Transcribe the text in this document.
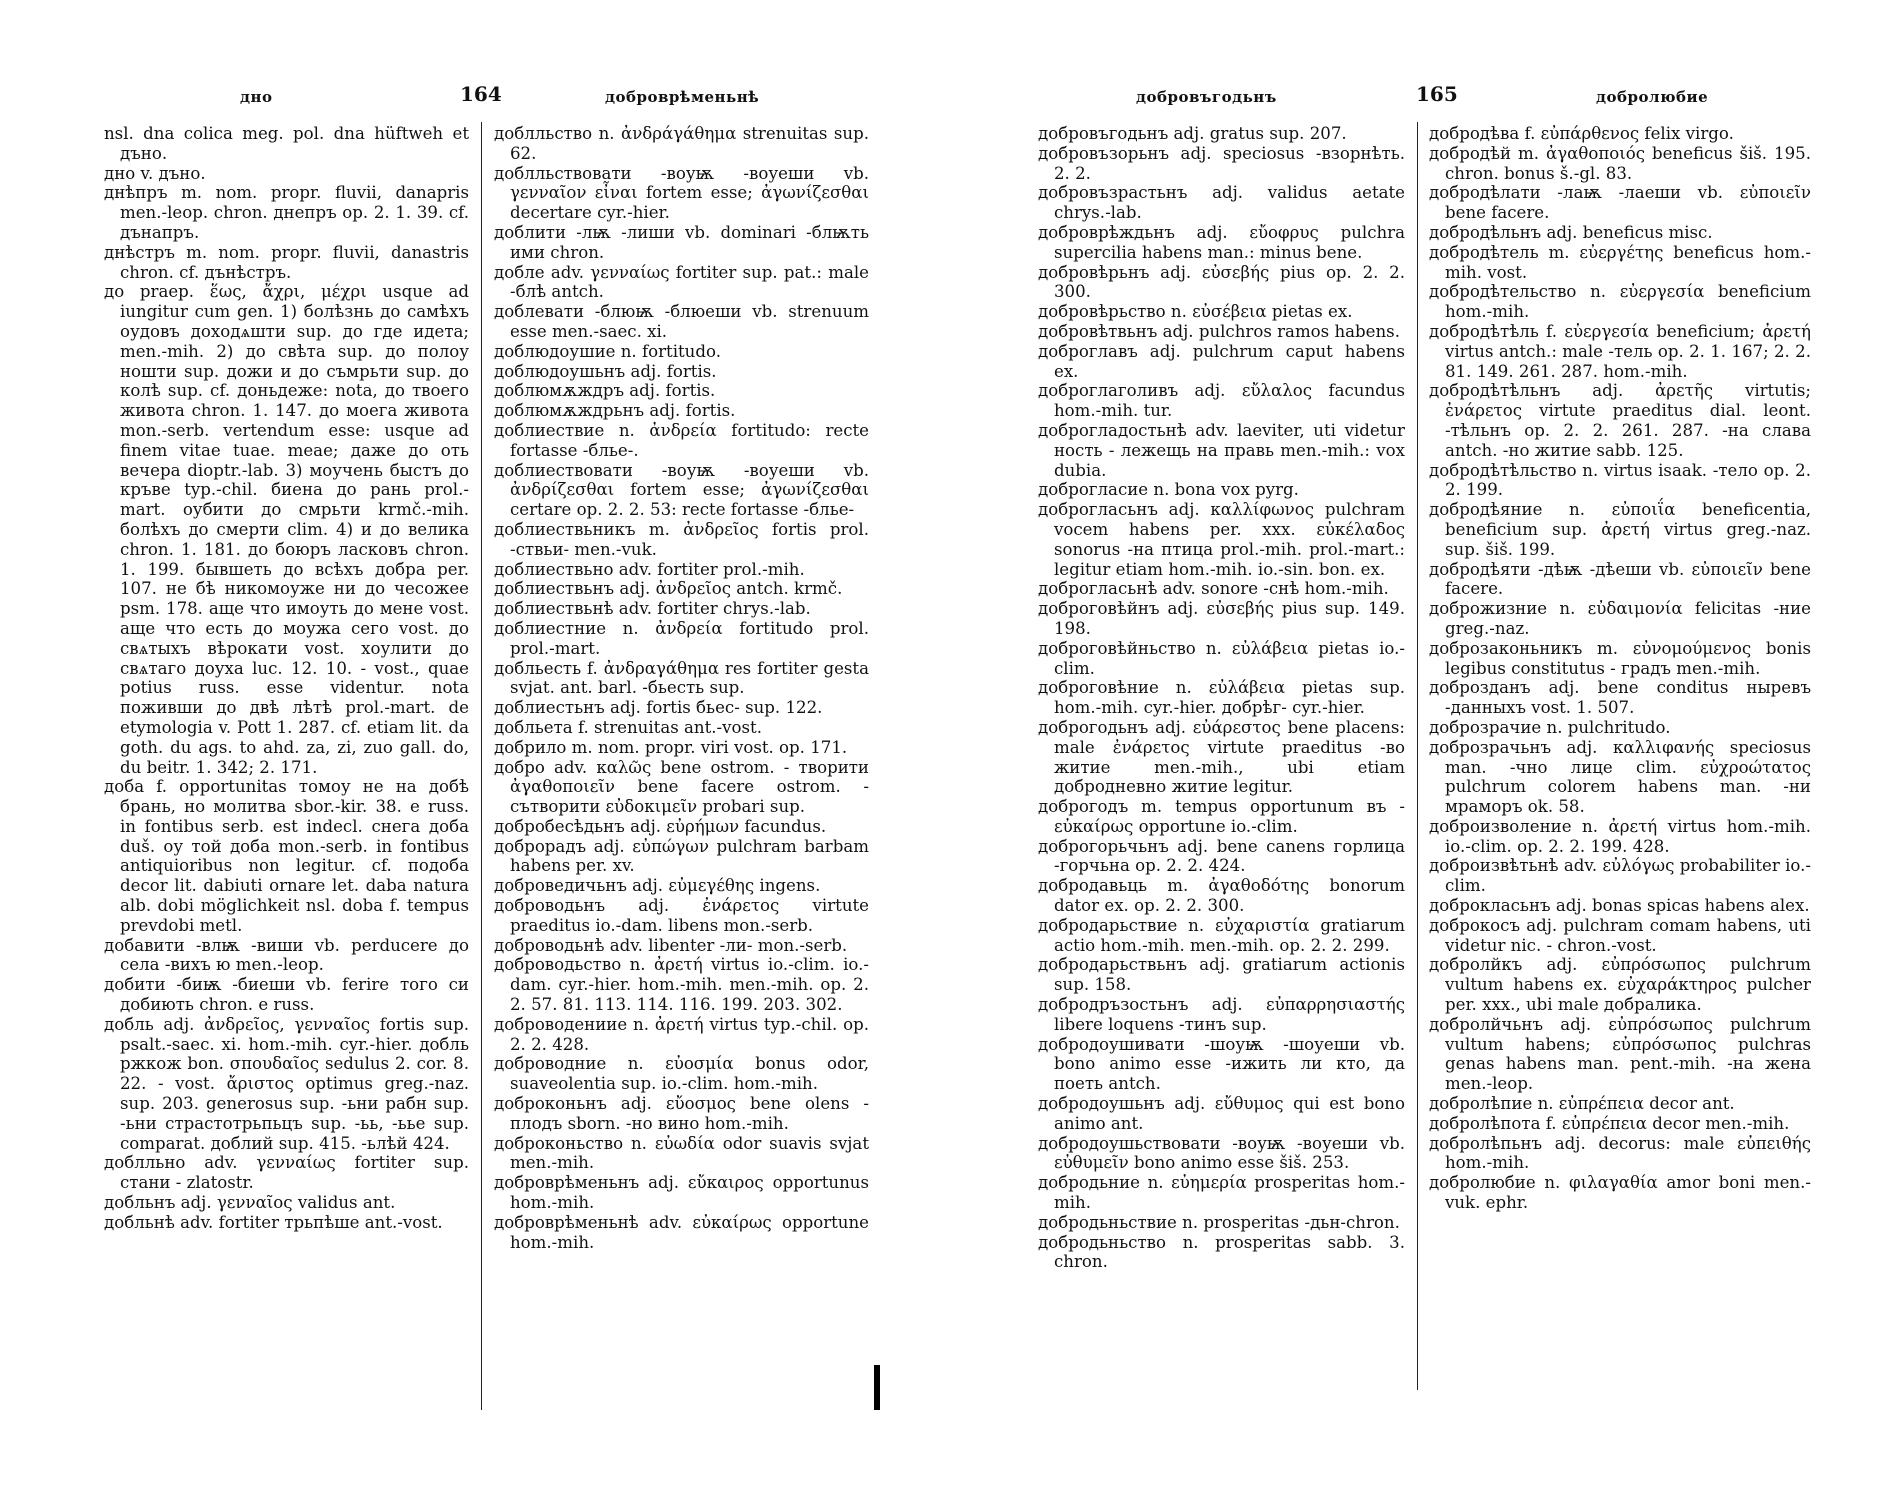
дно	164	доброврѣменьнѣ

nsl. dna colica meg. pol. dna hüftweh et дъно.

дно v. дъно.

днѣпръ m. nom. propr. fluvii, danapris men.-leop. chron. днепръ op. 2. 1. 39. cf. дънапръ.

днѣстръ m. nom. propr. fluvii, danastris chron. cf. дънѣстръ.

до praep. ἕως, ἄχρι, μέχρι usque ad iungitur cum gen. 1) болѣзнь до самѣхъ оудовъ доходѧшти sup. до где идета; men.-mih. 2) до свѣта sup. до полоу ношти sup. дожи и до съмрьти sup. до колѣ sup. cf. доньдеже: nota, до твоего живота chron. 1. 147. до моега живота mon.-serb. vertendum esse: usque ad finem vitae tuae. meae; даже до оть вечера dioptr.-lab. 3) моучень быстъ до кръве typ.-chil. биена до рань prol.-mart. оубити до смрьти krmč.-mih. болѣхъ до смерти clim. 4) и до велика chron. 1. 181. до боюръ ласковъ chron. 1. 199. бывшеть до всѣхъ добра per. 107. не бѣ никомоуже ни до чесожее psm. 178. аще что имоуть до мене vost. аще что есть до моужа сего vost. до свѧтыхъ вѣрокати vost. хоулити до свѧтаго доуха luc. 12. 10. - vost., quae potius russ. esse videntur. nota поживши до двѣ лѣтѣ prol.-mart. de etymologia v. Pott 1. 287. cf. etiam lit. da goth. du ags. to ahd. za, zi, zuo gall. do, du beitr. 1. 342; 2. 171.

доба f. opportunitas томоу не на добѣ брань, но молитва sbor.-kir. 38. e russ. in fontibus serb. est indecl. снега доба duš. оу той доба mon.-serb. in fontibus antiquioribus non legitur. cf. подоба decor lit. dabiuti ornare let. daba natura alb. dobi möglichkeit nsl. doba f. tempus prevdobi metl.

добавити -влѭ -виши vb. perducere до села -вихъ ю men.-leop.

добити -биѭ -биеши vb. ferire того си добиють chron. e russ.

добль adj. ἀνδρεῖος, γενναῖος fortis sup. psalt.-saec. xi. hom.-mih. cyr.-hier. добль ржкож bon. σπουδαῖος sedulus 2. cor. 8. 22. - vost. ἄριστος optimus greg.-naz. sup. 203. generosus sup. -ьни рабн sup. -ьни страстотрьпьцъ sup. -ьь, -ьье sup. comparat. доблий sup. 415. -ьлѣй 424.

доблльно adv. γενναίως fortiter sup. стани - zlatostr.

добльнъ adj. γενναῖος validus ant.

добльнѣ adv. fortiter трьпѣше ant.-vost.

доблльство n. ἀνδράγάθημα strenuitas sup. 62.

доблльствовати -воуѭ -воуеши vb. γενναῖον εἶναι fortem esse; ἀγωνίζεσθαι decertare cyr.-hier.

доблити -лѭ -лиши vb. dominari -блѭть ими chron.

добле adv. γενναίως fortiter sup. pat.: male -блѣ antch.

доблевати -блюѭ -блюеши vb. strenuum esse men.-saec. xi.

доблюдоушие n. fortitudo.

доблюдоушьнъ adj. fortis.

доблюмѫждръ adj. fortis.

доблюмѫждрьнъ adj. fortis.

доблиествие n. ἀνδρεία fortitudo: recte fortasse -блье-.

доблиествовати -воуѭ -воуеши vb. ἀνδρίζεσθαι fortem esse; ἀγωνίζεσθαι certare op. 2. 2. 53: recte fortasse -блье-

доблиествьникъ m. ἀνδρεῖος fortis prol. -ствьи- men.-vuk.

доблиествьно adv. fortiter prol.-mih.

доблиествьнъ adj. ἀνδρεῖος antch. krmč.

доблиествьнѣ adv. fortiter chrys.-lab.

доблиестние n. ἀνδρεία fortitudo prol. prol.-mart.

добльесть f. ἀνδραγάθημα res fortiter gesta svjat. ant. barl. -бьесть sup.

доблиестьнъ adj. fortis бьес- sup. 122.

добльета f. strenuitas ant.-vost.

добрило m. nom. propr. viri vost. op. 171.

добро adv. καλῶς bene ostrom. - творити ἀγαθοποιεῖν bene facere ostrom. - сътворити εὐδοκιμεῖν probari sup.

добробесѣдьнъ adj. εὐρήμων facundus.

доброрадъ adj. εὐπώγων pulchram barbam habens per. xv.

доброведичьнъ adj. εὐμεγέθης ingens.

доброводьнъ adj. ἐνάρετος virtute praeditus io.-dam. libens mon.-serb.

доброводьнѣ adv. libenter -ли- mon.-serb.

доброводьство n. ἀρετή virtus io.-clim. io.-dam. cyr.-hier. hom.-mih. men.-mih. op. 2. 2. 57. 81. 113. 114. 116. 199. 203. 302.

доброводениие n. ἀρετή virtus typ.-chil. op. 2. 2. 428.

доброводние n. εὐοσμία bonus odor, suaveolentia sup. io.-clim. hom.-mih.

доброконьнъ adj. εὔοσμος bene olens - плодъ sborn. -но вино hom.-mih.

доброконьство n. εὐωδία odor suavis svjat men.-mih.

доброврѣменьнъ adj. εὔκαιρος opportunus hom.-mih.

доброврѣменьнѣ adv. εὐκαίρως opportune hom.-mih.

добровъгодьнъ	165	добролюбие

добровъгодьнъ adj. gratus sup. 207.

добровъзорьнъ adj. speciosus -взорнѣть. 2. 2.

добровъзрастьнъ adj. validus aetate chrys.-lab.

доброврѣждьнъ adj. εὔοφρυς pulchra supercilia habens man.: minus bene.

добровѣрьнъ adj. εὐσεβής pius op. 2. 2. 300.

добровѣрьство n. εὐσέβεια pietas ex.

добровѣтвьнъ adj. pulchros ramos habens.

доброглавъ adj. pulchrum caput habens ex.

доброглаголивъ adj. εὔλαλος facundus hom.-mih. tur.

доброгладостьнѣ adv. laeviter, uti videtur ность - лежещь на правь men.-mih.: vox dubia.

доброгласие n. bona vox pyrg.

доброгласьнъ adj. καλλίφωνος pulchram vocem habens per. xxx. εὐκέλαδος sonorus -на птица prol.-mih. prol.-mart.: legitur etiam hom.-mih. io.-sin. bon. ex.

доброгласьнѣ adv. sonore -снѣ hom.-mih.

доброговѣйнъ adj. εὐσεβής pius sup. 149. 198.

доброговѣйньство n. εὐλάβεια pietas io.-clim.

доброговѣние n. εὐλάβεια pietas sup. hom.-mih. cyr.-hier. добрѣг- cyr.-hier.

доброгодьнъ adj. εὐάρεστος bene placens: male ἐνάρετος virtute praeditus -во житие men.-mih., ubi etiam добродневно житие legitur.

доброгодъ m. tempus opportunum въ - εὐκαίρως opportune io.-clim.

доброгорьчьнъ adj. bene canens горлица -горчьна op. 2. 2. 424.

добродавьць m. ἀγαθοδότης bonorum dator ex. op. 2. 2. 300.

добродарьствие n. εὐχαριστία gratiarum actio hom.-mih. men.-mih. op. 2. 2. 299.

добродарьствьнъ adj. gratiarum actionis sup. 158.

добродръзостьнъ adj. εὐπαρρησιαστής libere loquens -тинъ sup.

добродоушивати -шоуѭ -шоуеши vb. bono animo esse -ижить ли кто, да поеть antch.

добродоушьнъ adj. εὔθυμος qui est bono animo ant.

добродоушьствовати -воуѭ -воуеши vb. εὐθυμεῖν bono animo esse šiš. 253.

добродьние n. εὐημερία prosperitas hom.-mih.

добродьньствие n. prosperitas -дьн-chron.

добродьньство n. prosperitas sabb. 3. chron.

добродѣва f. εὐπάρθενος felix virgo.

добродѣй m. ἀγαθοποιός beneficus šiš. 195. chron. bonus š.-gl. 83.

добродѣлати -лаѭ -лаеши vb. εὐποιεῖν bene facere.

добродѣльнъ adj. beneficus misc.

добродѣтель m. εὐεργέτης beneficus hom.-mih. vost.

добродѣтельство n. εὐεργεσία beneficium hom.-mih.

добродѣтѣль f. εὐεργεσία beneficium; ἀρετή virtus antch.: male -тель op. 2. 1. 167; 2. 2. 81. 149. 261. 287. hom.-mih.

добродѣтѣльнъ adj. ἀρετῆς virtutis; ἐνάρετος virtute praeditus dial. leont. -тѣльнъ op. 2. 2. 261. 287. -на слава antch. -но житие sabb. 125.

добродѣтѣльство n. virtus isaak. -тело op. 2. 2. 199.

добродѣяние n. εὐποιΐα beneficentia, beneficium sup. ἀρετή virtus greg.-naz. sup. šiš. 199.

добродѣяти -дѣѭ -дѣеши vb. εὐποιεῖν bene facere.

доброжизние n. εὐδαιμονία felicitas -ние greg.-naz.

доброзаконьникъ m. εὐνομούμενος bonis legibus constitutus - градъ men.-mih.

доброзданъ adj. bene conditus ныревъ -данныхъ vost. 1. 507.

доброзрачие n. pulchritudo.

доброзрачьнъ adj. καλλιφανής speciosus man. -чно лице clim. εὐχροώτατος pulchrum colorem habens man. -ни мраморъ ok. 58.

доброизволение n. ἀρετή virtus hom.-mih. io.-clim. op. 2. 2. 199. 428.

доброизвѣтьнѣ adv. εὐλόγως probabiliter io.-clim.

доброкласьнъ adj. bonas spicas habens alex.

доброкосъ adj. pulchram comam habens, uti videtur nic. - chron.-vost.

добролйкъ adj. εὐπρόσωπος pulchrum vultum habens ex. εὐχαράκτηρος pulcher per. xxx., ubi male добралика.

добролйчьнъ adj. εὐπρόσωπος pulchrum vultum habens; εὐπρόσωπος pulchras genas habens man. pent.-mih. -на жена men.-leop.

добролѣпие n. εὐπρέπεια decor ant.

добролѣпота f. εὐπρέπεια decor men.-mih.

добролѣпьнъ adj. decorus: male εὐπειθής hom.-mih.

добролюбие n. φιλαγαθία amor boni men.-vuk. ephr.
